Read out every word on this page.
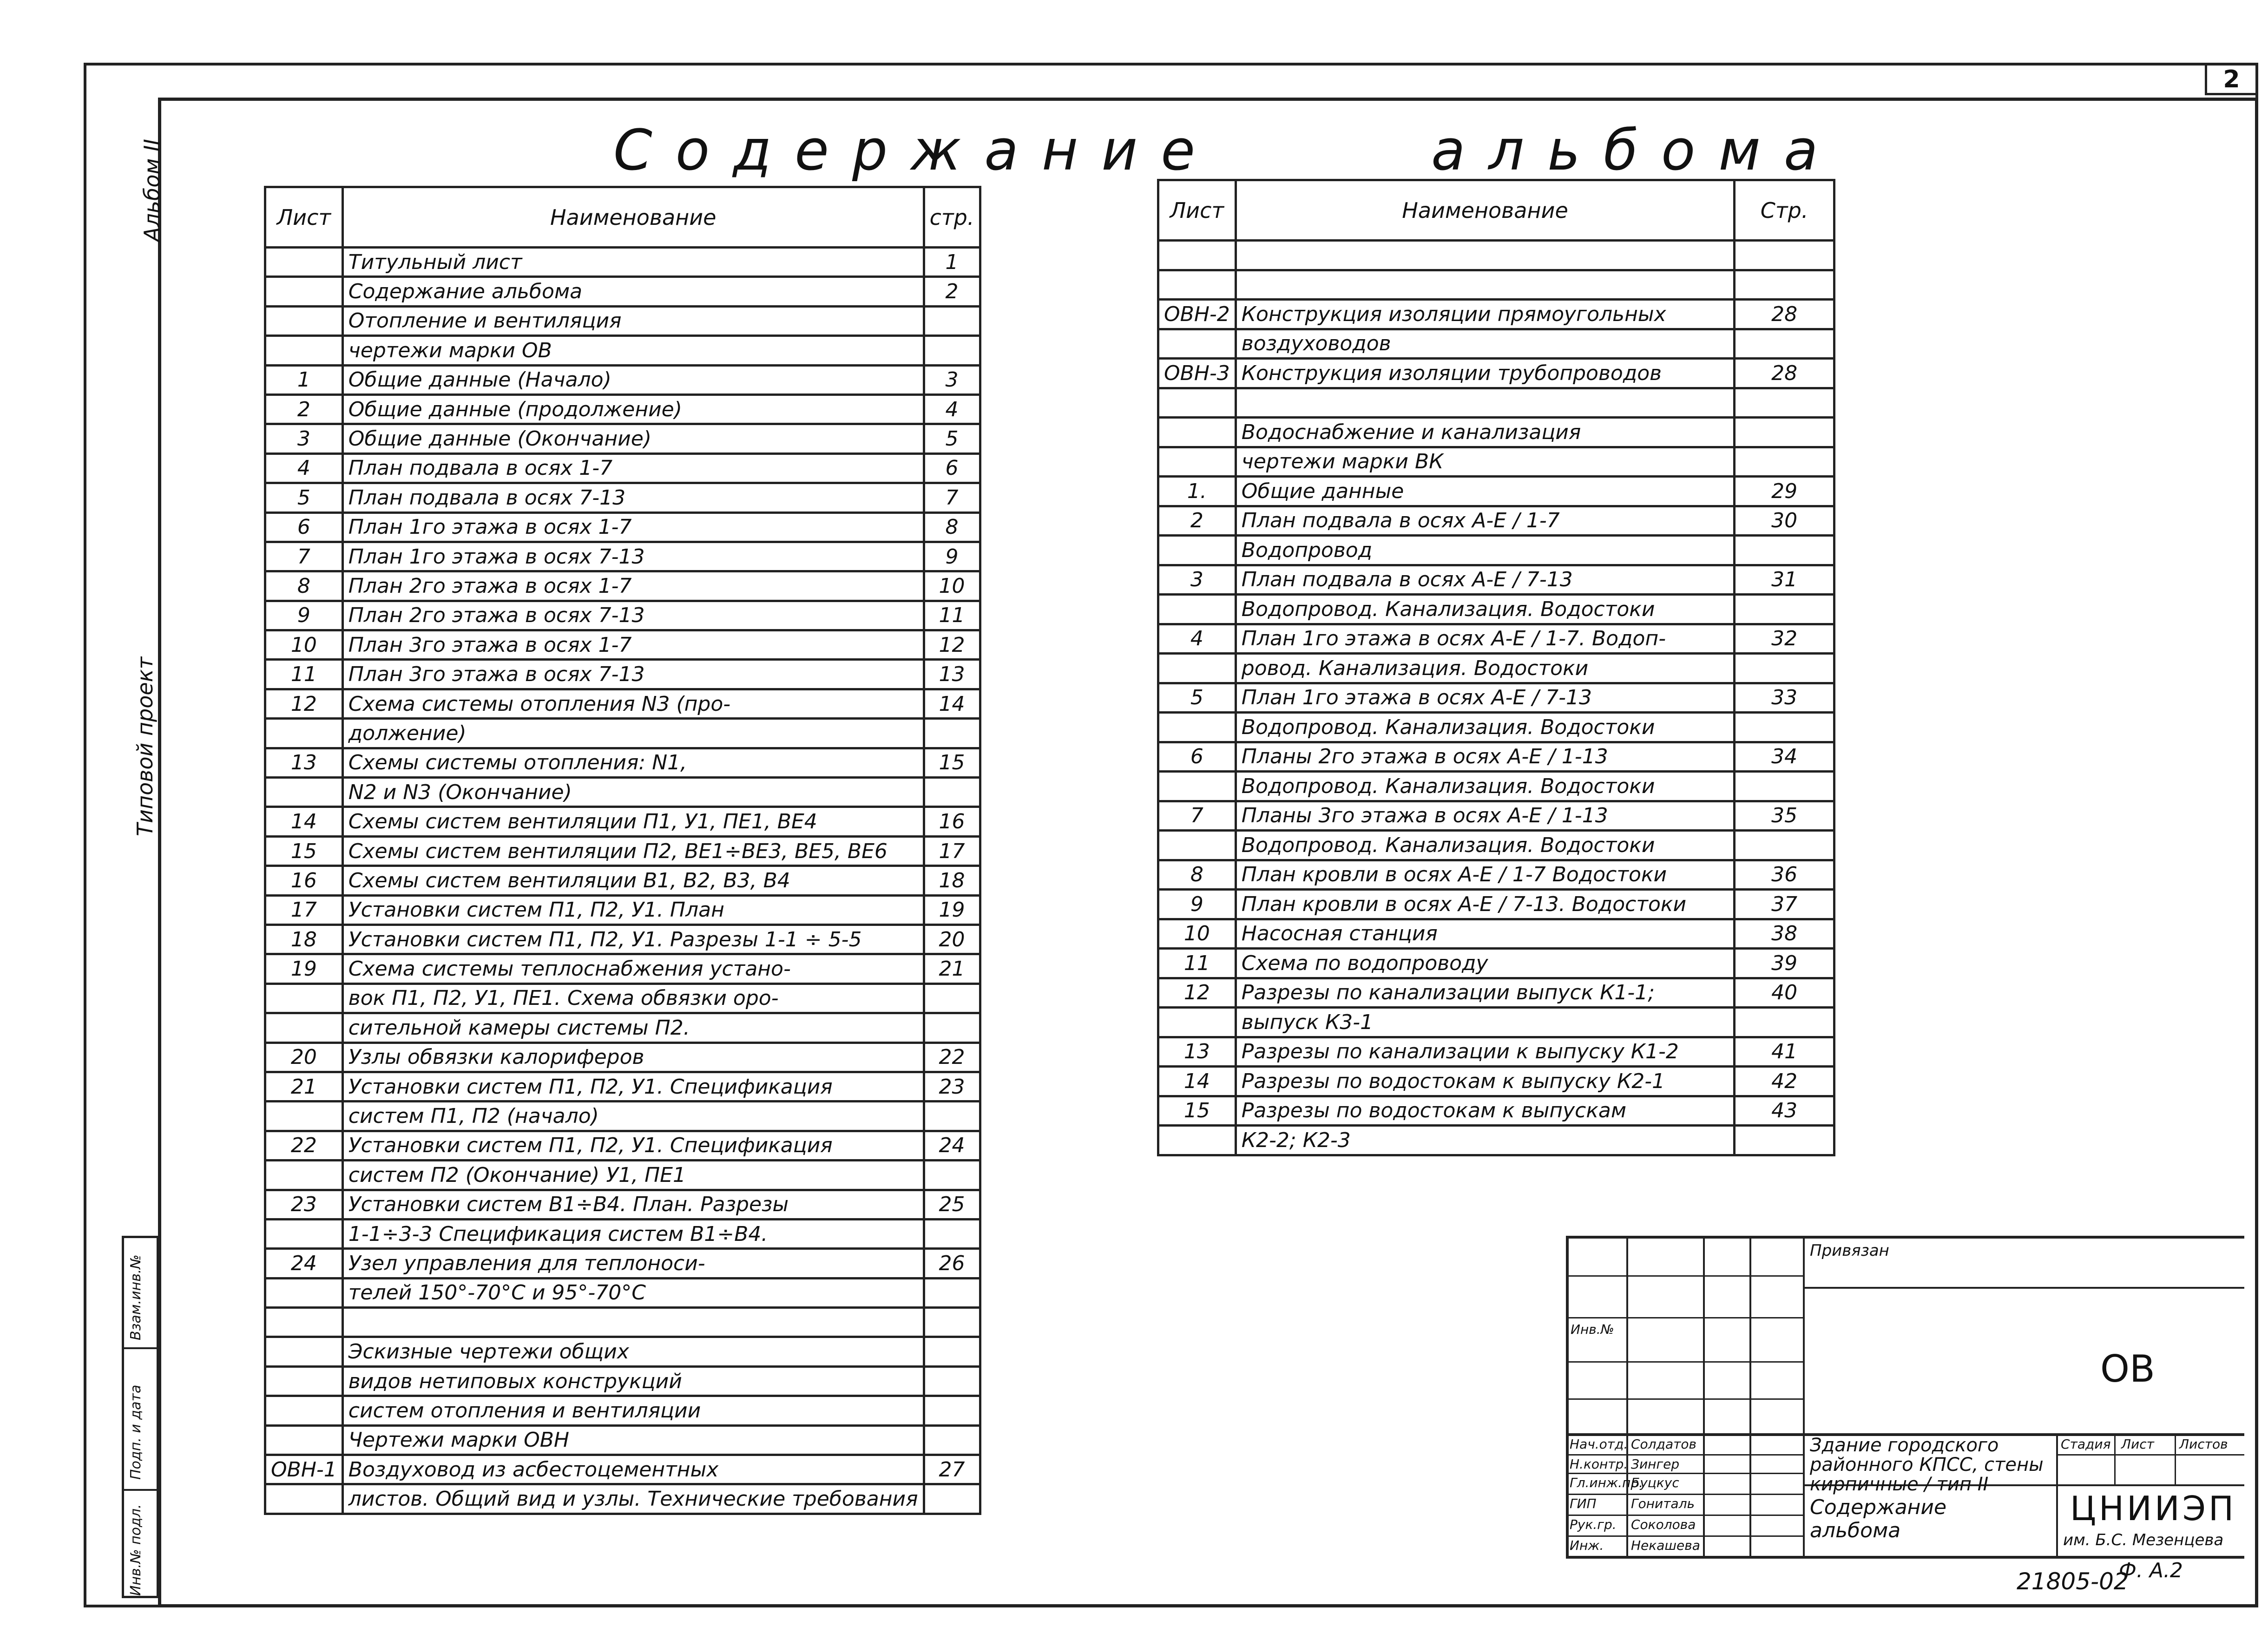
2
Альбом II
Типовой проект
Инв.№ подл.
Подп. и дата
Взам.инв.№
Содержание	альбома
Лист	Наименование	стр.
	Титульный лист	1
	Содержание альбома	2
	Отопление и вентиляция	
	чертежи марки ОВ	
1	Общие данные (Начало)	3
2	Общие данные (продолжение)	4
3	Общие данные (Окончание)	5
4	План подвала в осях 1-7	6
5	План подвала в осях 7-13	7
6	План 1го этажа в осях 1-7	8
7	План 1го этажа в осях 7-13	9
8	План 2го этажа в осях 1-7	10
9	План 2го этажа в осях 7-13	11
10	План 3го этажа в осях 1-7	12
11	План 3го этажа в осях 7-13	13
12	Схема системы отопления N3 (про-	14
	должение)	
13	Схемы системы отопления: N1,	15
	N2 и N3 (Окончание)	
14	Схемы систем вентиляции П1, У1, ПЕ1, ВЕ4	16
15	Схемы систем вентиляции П2, ВЕ1÷ВЕ3, ВЕ5, ВЕ6	17
16	Схемы систем вентиляции В1, В2, В3, В4	18
17	Установки систем П1, П2, У1. План	19
18	Установки систем П1, П2, У1. Разрезы 1-1 ÷ 5-5	20
19	Схема системы теплоснабжения устано-	21
	вок П1, П2, У1, ПЕ1. Схема обвязки оро-	
	сительной камеры системы П2.	
20	Узлы обвязки калориферов	22
21	Установки систем П1, П2, У1. Спецификация	23
	систем П1, П2 (начало)	
22	Установки систем П1, П2, У1. Спецификация	24
	систем П2 (Окончание) У1, ПЕ1	
23	Установки систем В1÷В4. План. Разрезы	25
	1-1÷3-3 Спецификация систем В1÷В4.	
24	Узел управления для теплоноси-	26
	телей 150°-70°С и 95°-70°С	

	Эскизные чертежи общих	
	видов нетиповых конструкций	
	систем отопления и вентиляции	
	Чертежи марки ОВН	
ОВН-1	Воздуховод из асбестоцементных	27
	листов. Общий вид и узлы. Технические требования	
Лист	Наименование	Стр.

ОВН-2	Конструкция изоляции прямоугольных	28
	воздуховодов	
ОВН-3	Конструкция изоляции трубопроводов	28

	Водоснабжение и канализация	
	чертежи марки ВК	
1.	Общие данные	29
2	План подвала в осях А-Е / 1-7	30
	Водопровод	
3	План подвала в осях А-Е / 7-13	31
	Водопровод. Канализация. Водостоки	
4	План 1го этажа в осях А-Е / 1-7. Водоп-	32
	ровод. Канализация. Водостоки	
5	План 1го этажа в осях А-Е / 7-13	33
	Водопровод. Канализация. Водостоки	
6	Планы 2го этажа в осях А-Е / 1-13	34
	Водопровод. Канализация. Водостоки	
7	Планы 3го этажа в осях А-Е / 1-13	35
	Водопровод. Канализация. Водостоки	
8	План кровли в осях А-Е / 1-7 Водостоки	36
9	План кровли в осях А-Е / 7-13. Водостоки	37
10	Насосная станция	38
11	Схема по водопроводу	39
12	Разрезы по канализации выпуск К1-1;	40
	выпуск К3-1	
13	Разрезы по канализации к выпуску К1-2	41
14	Разрезы по водостокам к выпуску К2-1	42
15	Разрезы по водостокам к выпускам	43
	К2-2; К2-3	
Привязан
Инв.№
ОВ
Нач.отд. Солдатов
Н.контр. Зингер
Гл.инж.пр.
Буцкус
ГИП	Гониталь
Рук.гр. Соколова
Инж. Некашева
Здание городского районного КПСС, стены кирпичные / тип II
Содержание альбома
Стадия Лист Листов
ЦНИИЭП
им. Б.С. Мезенцева
21805-02
Ф. А.2
